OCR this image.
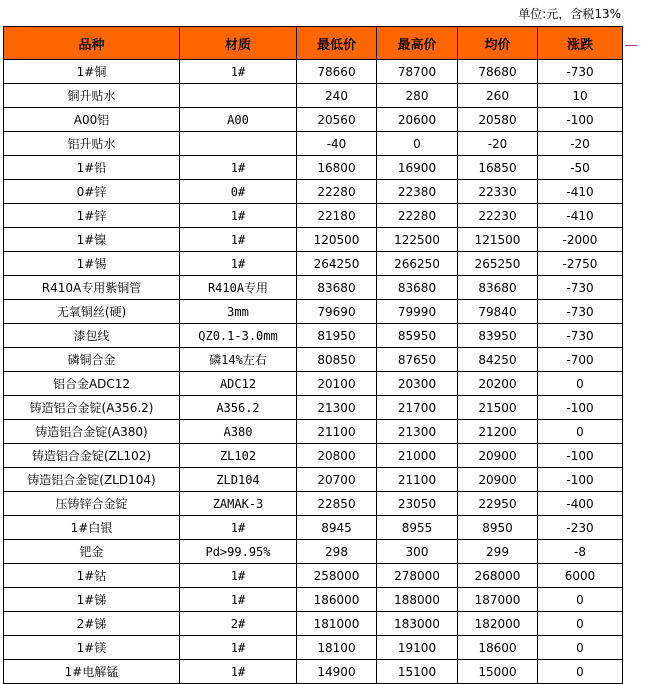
单位:元，含税13%
品种	材质	最低价	最高价	均价	涨跌
1#铜	1#	78660	78700	78680	-730
铜升贴水		240	280	260	10
A00铝	A00	20560	20600	20580	-100
铝升贴水		-40	0	-20	-20
1#铅	1#	16800	16900	16850	-50
0#锌	0#	22280	22380	22330	-410
1#锌	1#	22180	22280	22230	-410
1#镍	1#	120500	122500	121500	-2000
1#锡	1#	264250	266250	265250	-2750
R410A专用紫铜管	R410A专用	83680	83680	83680	-730
无氧铜丝(硬)	3mm	79690	79990	79840	-730
漆包线	QZ0.1-3.0mm	81950	85950	83950	-730
磷铜合金	磷14%左右	80850	87650	84250	-700
铝合金ADC12	ADC12	20100	20300	20200	0
铸造铝合金锭(A356.2)	A356.2	21300	21700	21500	-100
铸造铝合金锭(A380)	A380	21100	21300	21200	0
铸造铝合金锭(ZL102)	ZL102	20800	21000	20900	-100
铸造铝合金锭(ZLD104)	ZLD104	20700	21100	20900	-100
压铸锌合金锭	ZAMAK-3	22850	23050	22950	-400
1#白银	1#	8945	8955	8950	-230
钯金	Pd>99.95%	298	300	299	-8
1#钴	1#	258000	278000	268000	6000
1#锑	1#	186000	188000	187000	0
2#锑	2#	181000	183000	182000	0
1#镁	1#	18100	19100	18600	0
1#电解锰	1#	14900	15100	15000	0
